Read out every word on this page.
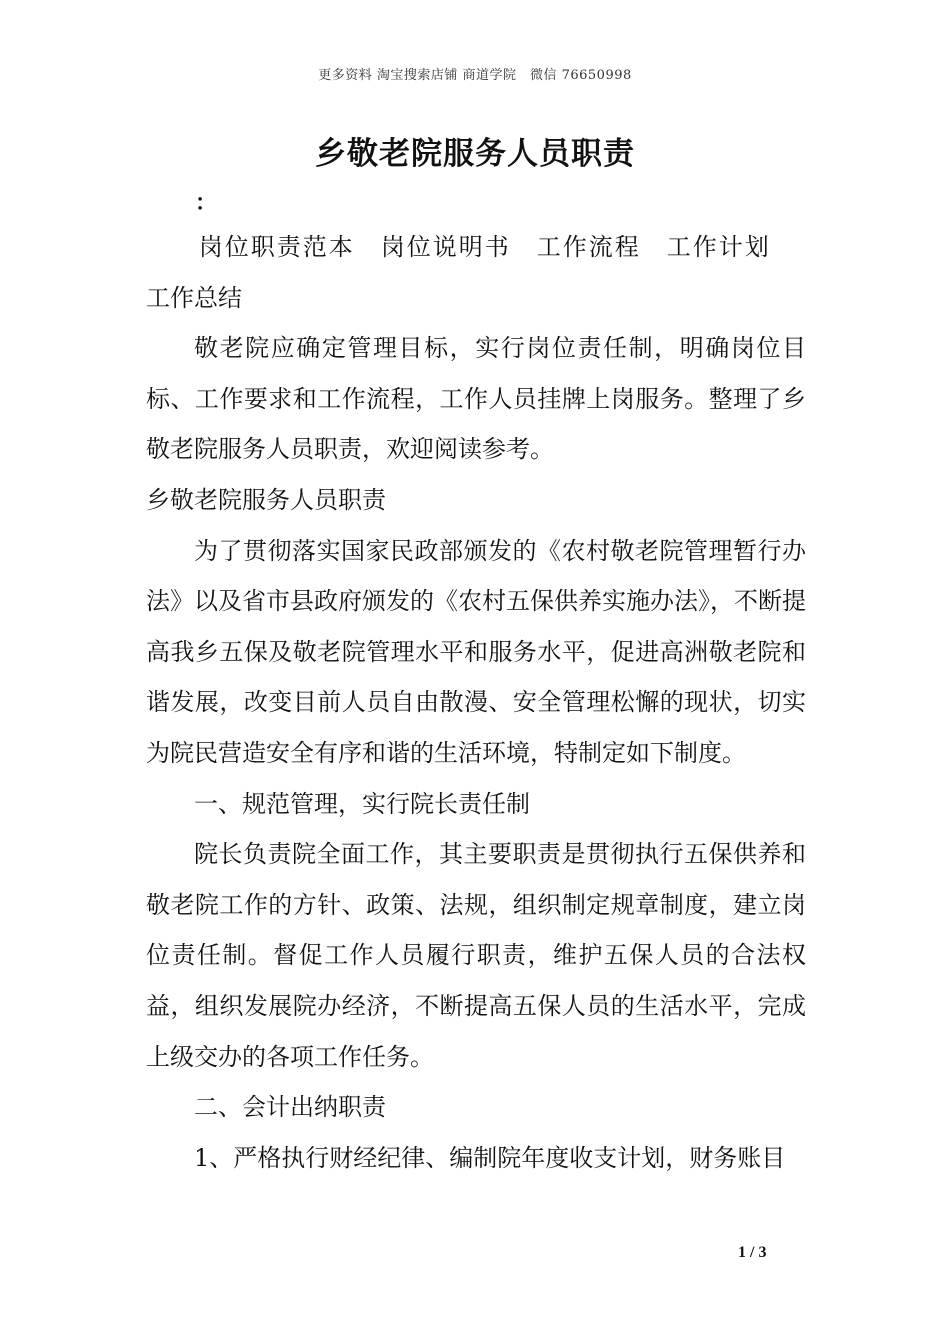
更多资料 淘宝搜索店铺 商道学院　微信 76650998
乡敬老院服务人员职责
：

岗位职责范本 岗位说明书 工作流程 工作计划

工作总结

敬老院应确定管理目标，实行岗位责任制，明确岗位目标、工作要求和工作流程，工作人员挂牌上岗服务。整理了乡敬老院服务人员职责，欢迎阅读参考。

乡敬老院服务人员职责

为了贯彻落实国家民政部颁发的《农村敬老院管理暂行办法》以及省市县政府颁发的《农村五保供养实施办法》，不断提高我乡五保及敬老院管理水平和服务水平，促进高洲敬老院和谐发展，改变目前人员自由散漫、安全管理松懈的现状，切实为院民营造安全有序和谐的生活环境，特制定如下制度。

一、规范管理，实行院长责任制

院长负责院全面工作，其主要职责是贯彻执行五保供养和敬老院工作的方针、政策、法规，组织制定规章制度，建立岗位责任制。督促工作人员履行职责，维护五保人员的合法权益，组织发展院办经济，不断提高五保人员的生活水平，完成上级交办的各项工作任务。

二、会计出纳职责

1、严格执行财经纪律、编制院年度收支计划，财务账目

1 / 3
